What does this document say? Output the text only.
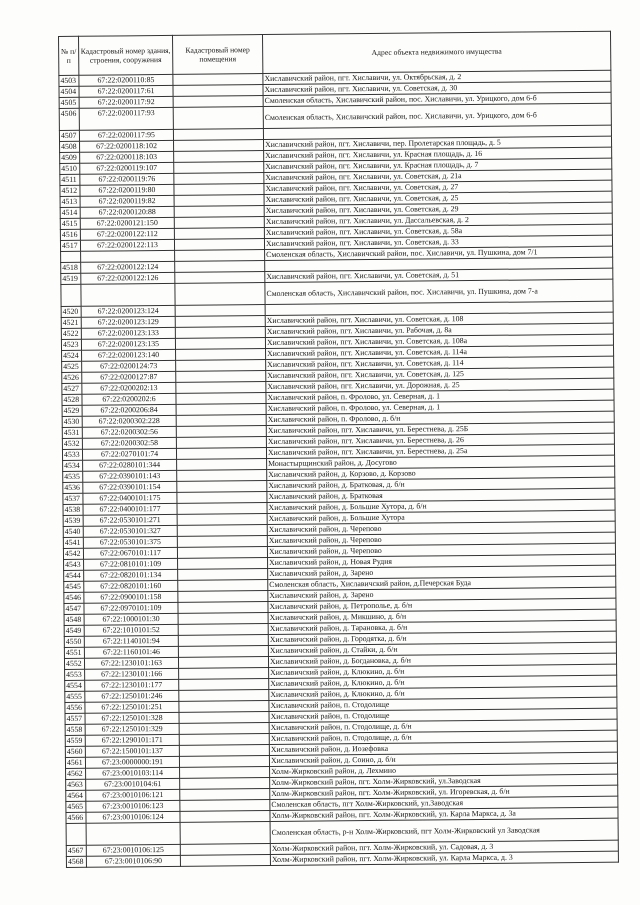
№ п/п	Кадастровый номер здания, строения, сооружения	Кадастровый номер помещения	Адрес объекта недвижимого имущества
4503	67:22:0200110:85		Хиславичский район, пгт. Хиславичи, ул. Октябрьская, д. 2
4504	67:22:0200117:61		Хиславичский район, пгт. Хиславичи, ул. Советская, д. 30
4505	67:22:0200117:92		Смоленская область, Хиславичский район, пос. Хиславичи, ул. Урицкого, дом 6-б
4506	67:22:0200117:93		Смоленская область, Хиславичский район, пос. Хиславичи, ул. Урицкого, дом 6-б
4507	67:22:0200117:95		
4508	67:22:0200118:102		Хиславичский район, пгт. Хиславичи, пер. Пролетарская площадь, д. 5
4509	67:22:0200118:103		Хиславичский район, пгт. Хиславичи, ул. Красная площадь, д. 16
4510	67:22:0200119:107		Хиславичский район, пгт. Хиславичи, ул. Красная площадь, д. 7
4511	67:22:0200119:76		Хиславичский район, пгт. Хиславичи, ул. Советская, д. 21а
4512	67:22:0200119:80		Хиславичский район, пгт. Хиславичи, ул. Советская, д. 27
4513	67:22:0200119:82		Хиславичский район, пгт. Хиславичи, ул. Советская, д. 25
4514	67:22:0200120:88		Хиславичский район, пгт. Хиславичи, ул. Советская, д. 29
4515	67:22:0200121:150		Хиславичский район, пгт. Хиславичи, ул. Дассальевская, д. 2
4516	67:22:0200122:112		Хиславичский район, пгт. Хиславичи, ул. Советская, д. 58а
4517	67:22:0200122:113		Хиславичский район, пгт. Хиславичи, ул. Советская, д. 33
			Смоленская область, Хиславичский район, пос. Хиславичи, ул. Пушкина, дом 7/1
4518	67:22:0200122:124		
4519	67:22:0200122:126		Хиславичский район, пгт. Хиславичи, ул. Советская, д. 51
			Смоленская область, Хиславичский район, пос. Хиславичи, ул. Пушкина, дом 7-а
4520	67:22:0200123:124		
4521	67:22:0200123:129		Хиславичский район, пгт. Хиславичи, ул. Советская, д. 108
4522	67:22:0200123:133		Хиславичский район, пгт. Хиславичи, ул. Рабочая, д. 8а
4523	67:22:0200123:135		Хиславичский район, пгт. Хиславичи, ул. Советская, д. 108а
4524	67:22:0200123:140		Хиславичский район, пгт. Хиславичи, ул. Советская, д. 114а
4525	67:22:0200124:73		Хиславичский район, пгт. Хиславичи, ул. Советская, д. 114
4526	67:22:0200127:87		Хиславичский район, пгт. Хиславичи, ул. Советская, д. 125
4527	67:22:0200202:13		Хиславичский район, пгт. Хиславичи, ул. Дорожная, д. 25
4528	67:22:0200202:6		Хиславичский район, п. Фролово, ул. Северная, д. 1
4529	67:22:0200206:84		Хиславичский район, п. Фролово, ул. Северная, д. 1
4530	67:22:0200302:228		Хиславичский район, п. Фролово, д. б/н
4531	67:22:0200302:56		Хиславичский район, пгт. Хиславичи, ул. Берестнева, д. 25Б
4532	67:22:0200302:58		Хиславичский район, пгт. Хиславичи, ул. Берестнева, д. 26
4533	67:22:0270101:74		Хиславичский район, пгт. Хиславичи, ул. Берестнева, д. 25а
4534	67:22:0280101:344		Монастырщинский район, д. Досугово
4535	67:22:0390101:143		Хиславичский район, д. Корзово, д. Корзово
4536	67:22:0390101:154		Хиславичский район, д. Братковая, д. б/н
4537	67:22:0400101:175		Хиславичский район, д. Братковая
4538	67:22:0400101:177		Хиславичский район, д. Большие Хутора, д. б/н
4539	67:22:0530101:271		Хиславичский район, д. Большие Хутора
4540	67:22:0530101:327		Хиславичский район, д. Черепово
4541	67:22:0530101:375		Хиславичский район, д. Черепово
4542	67:22:0670101:117		Хиславичский район, д. Черепово
4543	67:22:0810101:109		Хиславичский район, д. Новая Рудня
4544	67:22:0820101:134		Хиславичский район, д. Зарено
4545	67:22:0820101:160		Смоленская область, Хиславичский район, д.Печерская Буда
4546	67:22:0900101:158		Хиславичский район, д. Зарено
4547	67:22:0970101:109		Хиславичский район, д. Петрополье, д. б/н
4548	67:22:1000101:30		Хиславичский район, д. Микшино, д. б/н
4549	67:22:1010101:52		Хиславичский район, д. Тарановка, д. б/н
4550	67:22:1140101:94		Хиславичский район, д. Городятка, д. б/н
4551	67:22:1160101:46		Хиславичский район, д. Стайки, д. б/н
4552	67:22:1230101:163		Хиславичский район, д. Богдановка, д. б/н
4553	67:22:1230101:166		Хиславичский район, д. Клюкино, д. б/н
4554	67:22:1230101:177		Хиславичский район, д. Клюкино, д. б/н
4555	67:22:1250101:246		Хиславичский район, д. Клюкино, д. б/н
4556	67:22:1250101:251		Хиславичский район, п. Стодолище
4557	67:22:1250101:328		Хиславичский район, п. Стодолище
4558	67:22:1250101:329		Хиславичский район, п. Стодолище, д. б/н
4559	67:22:1290101:171		Хиславичский район, п. Стодолище, д. б/н
4560	67:22:1500101:137		Хиславичский район, д. Иозефовка
4561	67:23:0000000:191		Хиславичский район, д. Соино, д. б/н
4562	67:23:0010103:114		Холм-Жирковский район, д. Лехмино
4563	67:23:0010104:61		Холм-Жирковский район, пгт. Холм-Жирковский, ул.Заводская
4564	67:23:0010106:121		Холм-Жирковский район, пгт. Холм-Жирковский, ул. Игоревская, д. б/н
4565	67:23:0010106:123		Смоленская область, пгт Холм-Жирковский, ул.Заводская
4566	67:23:0010106:124		Холм-Жирковский район, пгт. Холм-Жирковский, ул. Карла Маркса, д. 3а
			Смоленская область, р-н Холм-Жирковский, пгт Холм-Жирковский ул Заводская
4567	67:23:0010106:125		Холм-Жирковский район, пгт. Холм-Жирковский, ул. Садовая, д. 3
4568	67:23:0010106:90		Холм-Жирковский район, пгт. Холм-Жирковский, ул. Карла Маркса, д. 3
